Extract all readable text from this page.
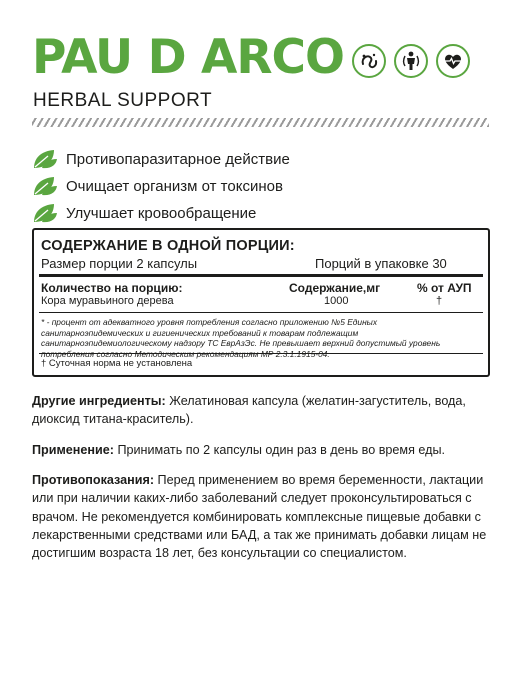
PAU D ARCO
HERBAL SUPPORT
Противопаразитарное действие
Очищает организм от токсинов
Улучшает кровообращение
СОДЕРЖАНИЕ В ОДНОЙ ПОРЦИИ:
Размер порции 2 капсулы	Порций в упаковке 30
Количество на порцию:	Содержание,мг	% от АУП
Кора муравьиного дерева	1000	†
* - процент от адекватного уровня потребления согласно приложению №5 Единых санитарноэпидемических и гигиенических требований к товарам подлежащим санитарноэпидемиологическому надзору ТС ЕврАзЭс. Не превышает верхний допустимый уровень
† Суточная норма не установлена
Другие ингредиенты: Желатиновая капсула (желатин-загуститель, вода, диоксид титана-краситель).
Применение: Принимать по 2 капсулы один раз в день во время еды.
Противопоказания: Перед применением во время беременности, лактации или при наличии каких-либо заболеваний следует проконсультироваться с врачом. Не рекомендуется комбинировать комплексные пищевые добавки с лекарственными средствами или БАД, а так же принимать добавки лицам не достигшим возраста 18 лет, без консультации со специалистом.
